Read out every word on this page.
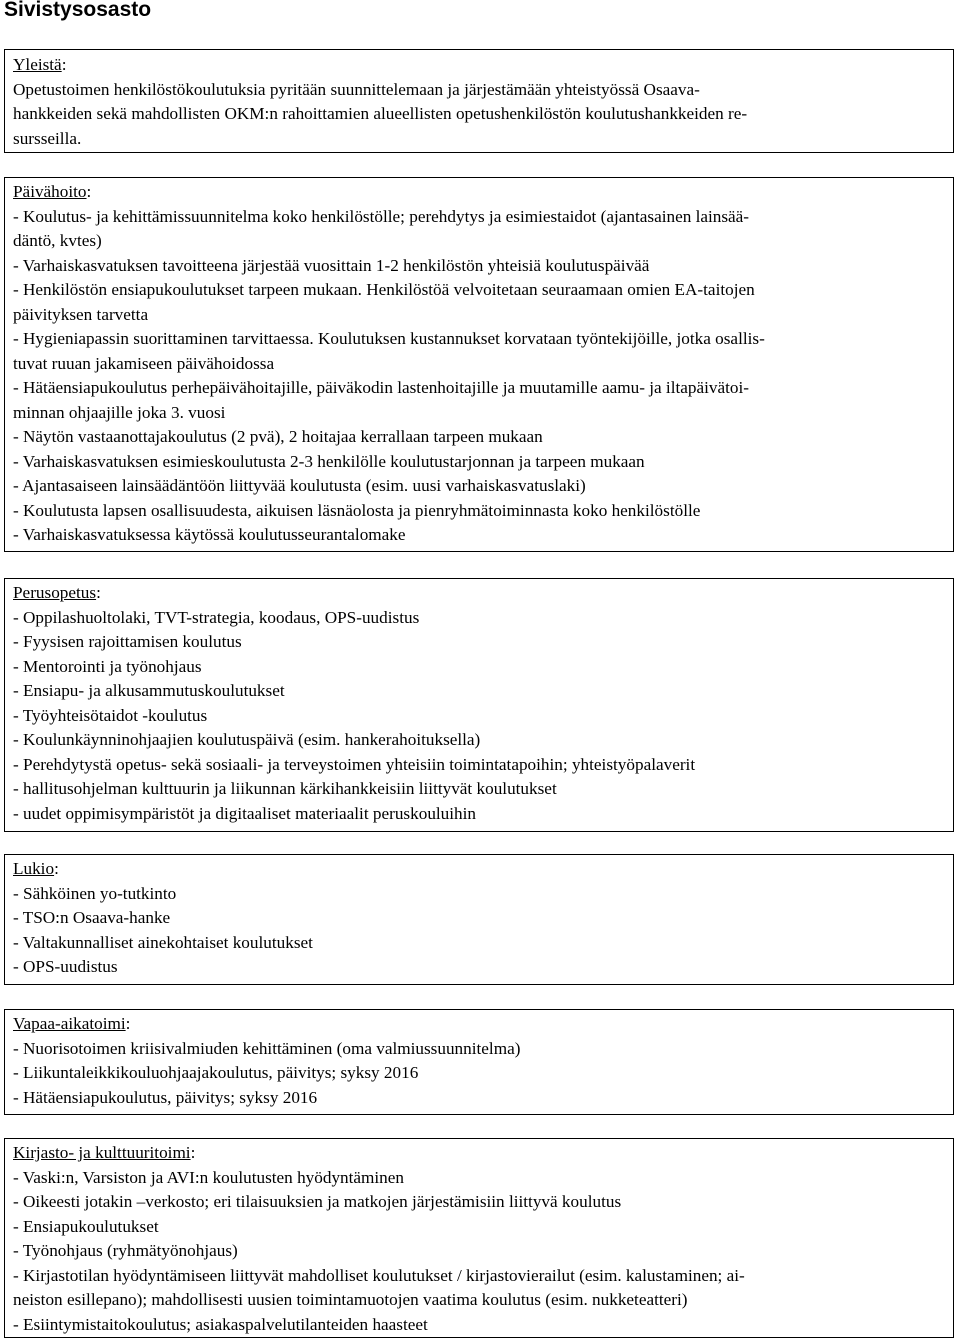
Sivistysosasto
Yleistä:
Opetustoimen henkilöstökoulutuksia pyritään suunnittelemaan ja järjestämään yhteistyössä Osaava-
hankkeiden sekä mahdollisten OKM:n rahoittamien alueellisten opetushenkilöstön koulutushankkeiden re-
sursseilla.
Päivähoito:
- Koulutus- ja kehittämissuunnitelma koko henkilöstölle; perehdytys ja esimiestaidot (ajantasainen lainsää-
däntö, kvtes)
- Varhaiskasvatuksen tavoitteena järjestää vuosittain 1-2 henkilöstön yhteisiä koulutuspäivää
- Henkilöstön ensiapukoulutukset tarpeen mukaan. Henkilöstöä velvoitetaan seuraamaan omien EA-taitojen
päivityksen tarvetta
- Hygieniapassin suorittaminen tarvittaessa. Koulutuksen kustannukset korvataan työntekijöille, jotka osallis-
tuvat ruuan jakamiseen päivähoidossa
- Hätäensiapukoulutus perhepäivähoitajille, päiväkodin lastenhoitajille ja muutamille aamu- ja iltapäivätoi-
minnan ohjaajille joka 3. vuosi
- Näytön vastaanottajakoulutus (2 pvä), 2 hoitajaa kerrallaan tarpeen mukaan
- Varhaiskasvatuksen esimieskoulutusta 2-3 henkilölle koulutustarjonnan ja tarpeen mukaan
- Ajantasaiseen lainsäädäntöön liittyvää koulutusta (esim. uusi varhaiskasvatuslaki)
- Koulutusta lapsen osallisuudesta, aikuisen läsnäolosta ja pienryhmätoiminnasta koko henkilöstölle
- Varhaiskasvatuksessa käytössä koulutusseurantalomake
Perusopetus:
- Oppilashuoltolaki, TVT-strategia, koodaus, OPS-uudistus
- Fyysisen rajoittamisen koulutus
- Mentorointi ja työnohjaus
- Ensiapu- ja alkusammutuskoulutukset
- Työyhteisötaidot -koulutus
- Koulunkäynninohjaajien koulutuspäivä (esim. hankerahoituksella)
- Perehdytystä opetus- sekä sosiaali- ja terveystoimen yhteisiin toimintatapoihin; yhteistyöpalaverit
- hallitusohjelman kulttuurin ja liikunnan kärkihankkeisiin liittyvät koulutukset
- uudet oppimisympäristöt ja digitaaliset materiaalit peruskouluihin
Lukio:
- Sähköinen yo-tutkinto
- TSO:n Osaava-hanke
- Valtakunnalliset ainekohtaiset koulutukset
- OPS-uudistus
Vapaa-aikatoimi:
- Nuorisotoimen kriisivalmiuden kehittäminen (oma valmiussuunnitelma)
- Liikuntaleikkikouluohjaajakoulutus, päivitys; syksy 2016
- Hätäensiapukoulutus, päivitys; syksy 2016
Kirjasto- ja kulttuuritoimi:
- Vaski:n, Varsiston ja AVI:n koulutusten hyödyntäminen
- Oikeesti jotakin –verkosto; eri tilaisuuksien ja matkojen järjestämisiin liittyvä koulutus
- Ensiapukoulutukset
- Työnohjaus (ryhmätyönohjaus)
- Kirjastotilan hyödyntämiseen liittyvät mahdolliset koulutukset / kirjastovierailut (esim. kalustaminen; ai-
neiston esillepano); mahdollisesti uusien toimintamuotojen vaatima koulutus (esim. nukketeatteri)
- Esiintymistaitokoulutus; asiakaspalvelutilanteiden haasteet
